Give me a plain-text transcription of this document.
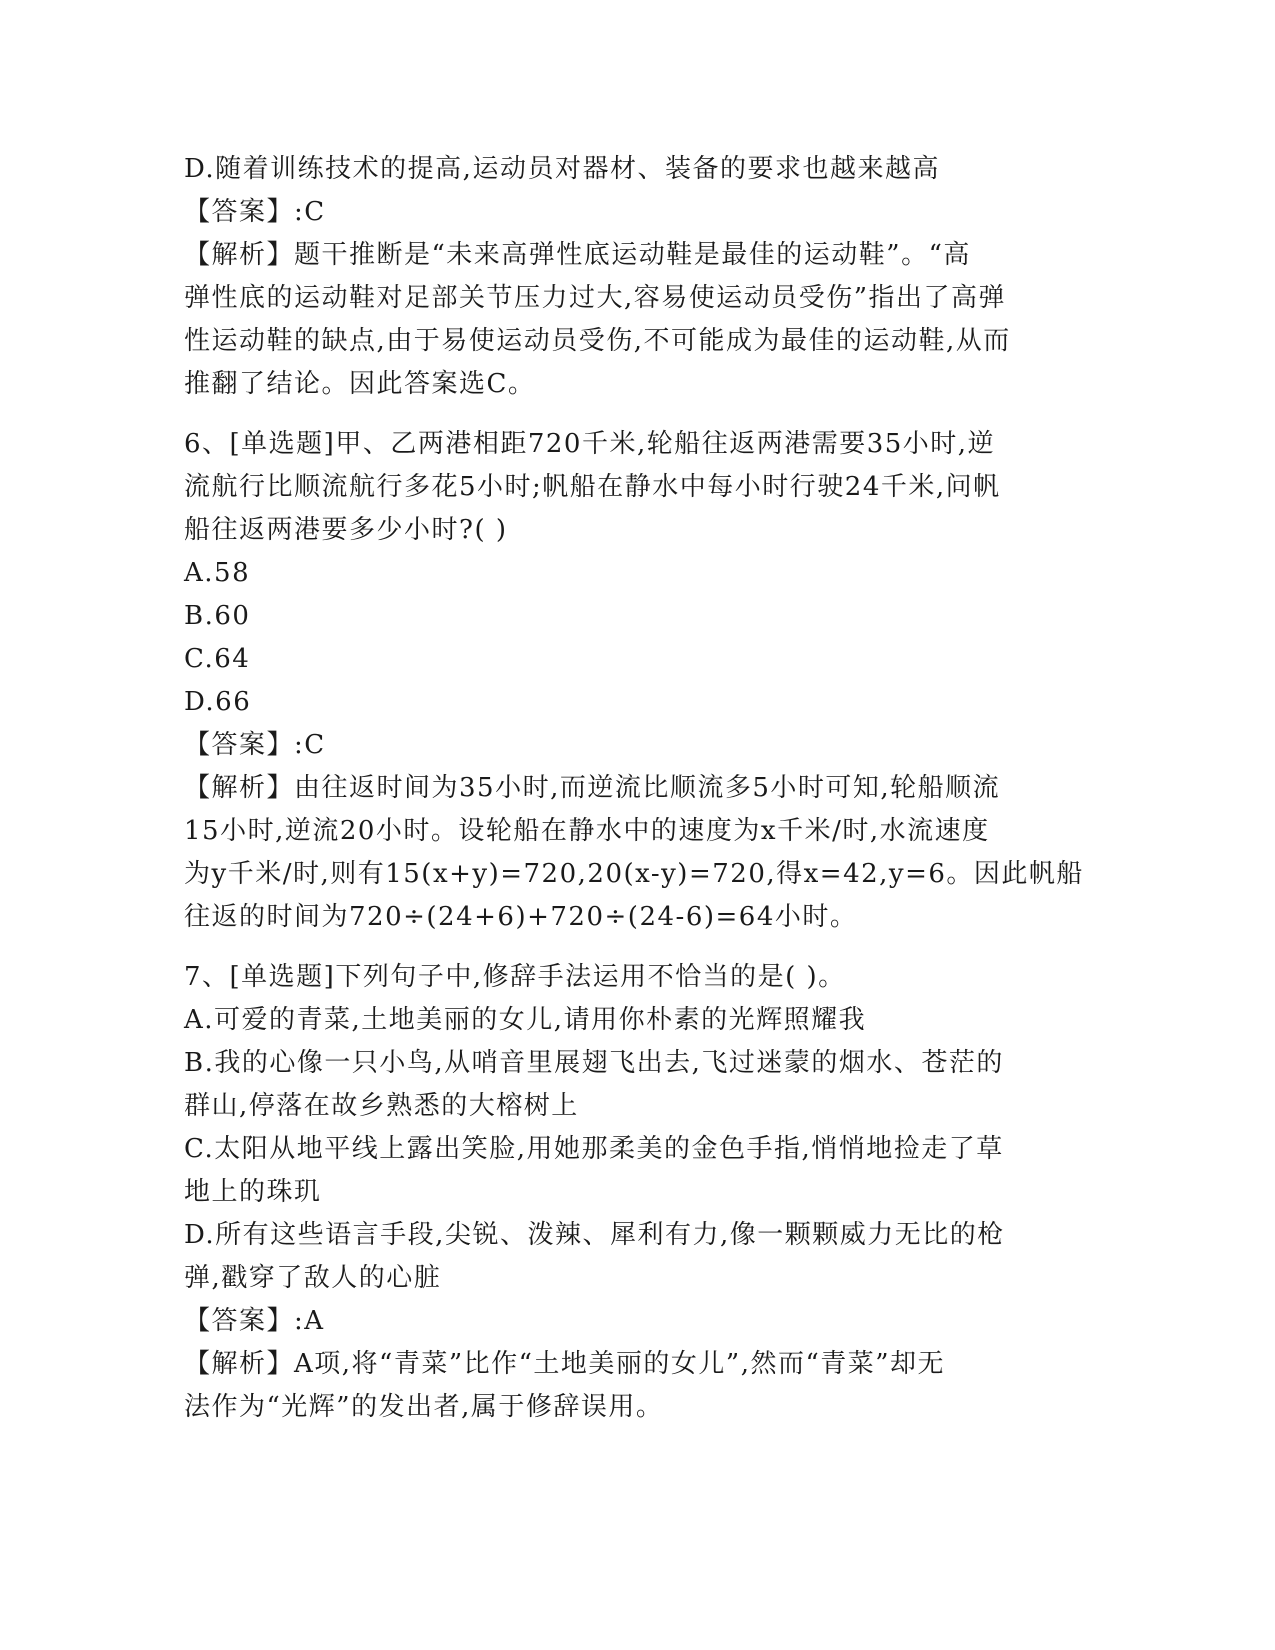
D.随着训练技术的提高,运动员对器材、装备的要求也越来越高
【答案】:C
【解析】题干推断是“未来高弹性底运动鞋是最佳的运动鞋”。“高
弹性底的运动鞋对足部关节压力过大,容易使运动员受伤”指出了高弹
性运动鞋的缺点,由于易使运动员受伤,不可能成为最佳的运动鞋,从而
推翻了结论。因此答案选C。
6、[单选题]甲、乙两港相距720千米,轮船往返两港需要35小时,逆
流航行比顺流航行多花5小时;帆船在静水中每小时行驶24千米,问帆
船往返两港要多少小时?( )
A.58
B.60
C.64
D.66
【答案】:C
【解析】由往返时间为35小时,而逆流比顺流多5小时可知,轮船顺流
15小时,逆流20小时。设轮船在静水中的速度为x千米/时,水流速度
为y千米/时,则有15(x+y)=720,20(x-y)=720,得x=42,y=6。因此帆船
往返的时间为720÷(24+6)+720÷(24-6)=64小时。
7、[单选题]下列句子中,修辞手法运用不恰当的是( )。
A.可爱的青菜,土地美丽的女儿,请用你朴素的光辉照耀我
B.我的心像一只小鸟,从哨音里展翅飞出去,飞过迷蒙的烟水、苍茫的
群山,停落在故乡熟悉的大榕树上
C.太阳从地平线上露出笑脸,用她那柔美的金色手指,悄悄地捡走了草
地上的珠玑
D.所有这些语言手段,尖锐、泼辣、犀利有力,像一颗颗威力无比的枪
弹,戳穿了敌人的心脏
【答案】:A
【解析】A项,将“青菜”比作“土地美丽的女儿”,然而“青菜”却无
法作为“光辉”的发出者,属于修辞误用。
